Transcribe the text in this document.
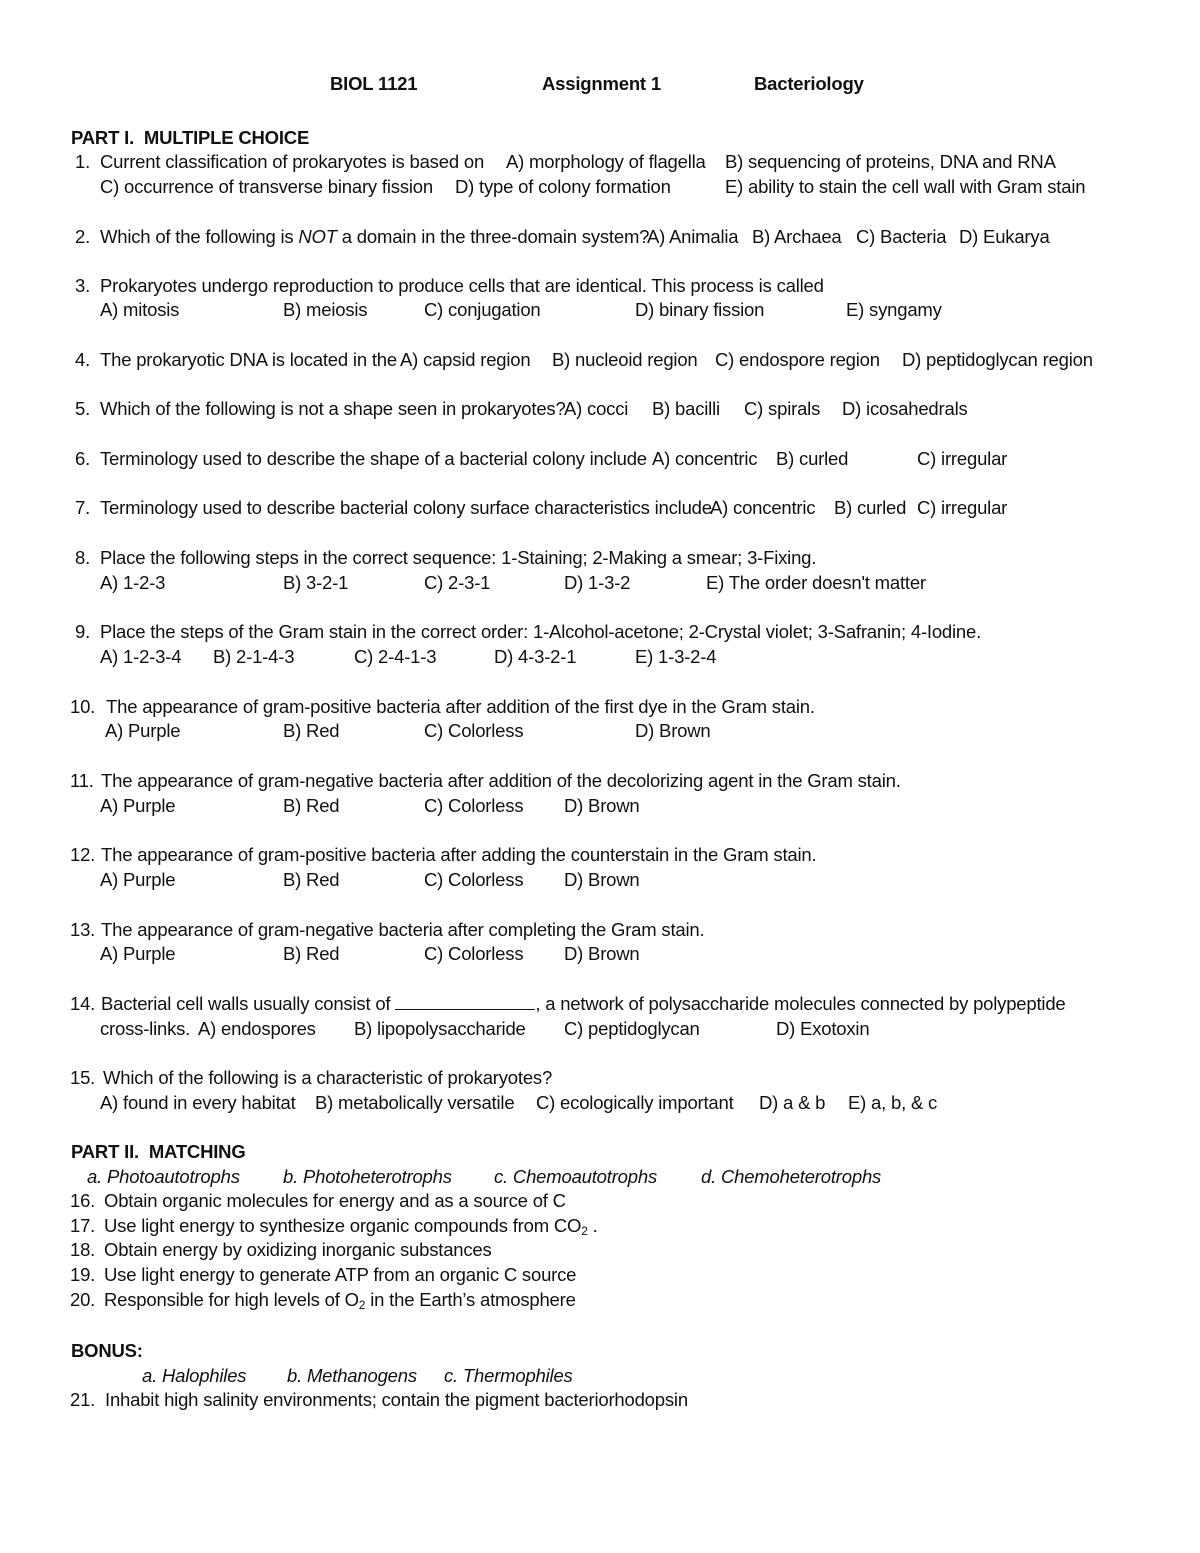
BIOL 1121	Assignment 1	Bacteriology
PART I.  MULTIPLE CHOICE
1. Current classification of prokaryotes is based on A) morphology of flagella B) sequencing of proteins, DNA and RNA
C) occurrence of transverse binary fission D) type of colony formation	E) ability to stain the cell wall with Gram stain
2. Which of the following is NOT a domain in the three-domain system?
A) Animalia B) Archaea C) Bacteria D) Eukarya
3. Prokaryotes undergo reproduction to produce cells that are identical. This process is called
A) mitosis	B) meiosis	C) conjugation	D) binary fission	E) syngamy
4. The prokaryotic DNA is located in the A) capsid region B) nucleoid region C) endospore region D) peptidoglycan region
5. Which of the following is not a shape seen in prokaryotes?
A) cocci B) bacilli C) spirals D) icosahedrals
6. Terminology used to describe the shape of a bacterial colony include A) concentric B) curled	C) irregular
7. Terminology used to describe bacterial colony surface characteristics include
A) concentric B) curled C) irregular
8. Place the following steps in the correct sequence: 1-Staining; 2-Making a smear; 3-Fixing.
A) 1-2-3	B) 3-2-1	C) 2-3-1	D) 1-3-2	E) The order doesn't matter
9. Place the steps of the Gram stain in the correct order: 1-Alcohol-acetone; 2-Crystal violet; 3-Safranin; 4-Iodine.
A) 1-2-3-4 B) 2-1-4-3	C) 2-4-1-3	D) 4-3-2-1	E) 1-3-2-4
10. The appearance of gram-positive bacteria after addition of the first dye in the Gram stain.
A) Purple	B) Red	C) Colorless	D) Brown
11. The appearance of gram-negative bacteria after addition of the decolorizing agent in the Gram stain.
A) Purple	B) Red	C) Colorless D) Brown
12. The appearance of gram-positive bacteria after adding the counterstain in the Gram stain.
A) Purple	B) Red	C) Colorless D) Brown
13. The appearance of gram-negative bacteria after completing the Gram stain.
A) Purple	B) Red	C) Colorless D) Brown
14. Bacterial cell walls usually consist of	, a network of polysaccharide molecules connected by polypeptide
cross-links. A) endospores B) lipopolysaccharide C) peptidoglycan	D) Exotoxin
15. Which of the following is a characteristic of prokaryotes?
A) found in every habitat B) metabolically versatile C) ecologically important D) a & b E) a, b, & c
PART II.  MATCHING
a. Photoautotrophs b. Photoheterotrophs c. Chemoautotrophs d. Chemoheterotrophs
16. Obtain organic molecules for energy and as a source of C
17. Use light energy to synthesize organic compounds from $CO_2$ .
18. Obtain energy by oxidizing inorganic substances
19. Use light energy to generate ATP from an organic C source
20. Responsible for high levels of $O_2$ in the Earth’s atmosphere
BONUS:
a. Halophiles b. Methanogens c. Thermophiles
21. Inhabit high salinity environments; contain the pigment bacteriorhodopsin
